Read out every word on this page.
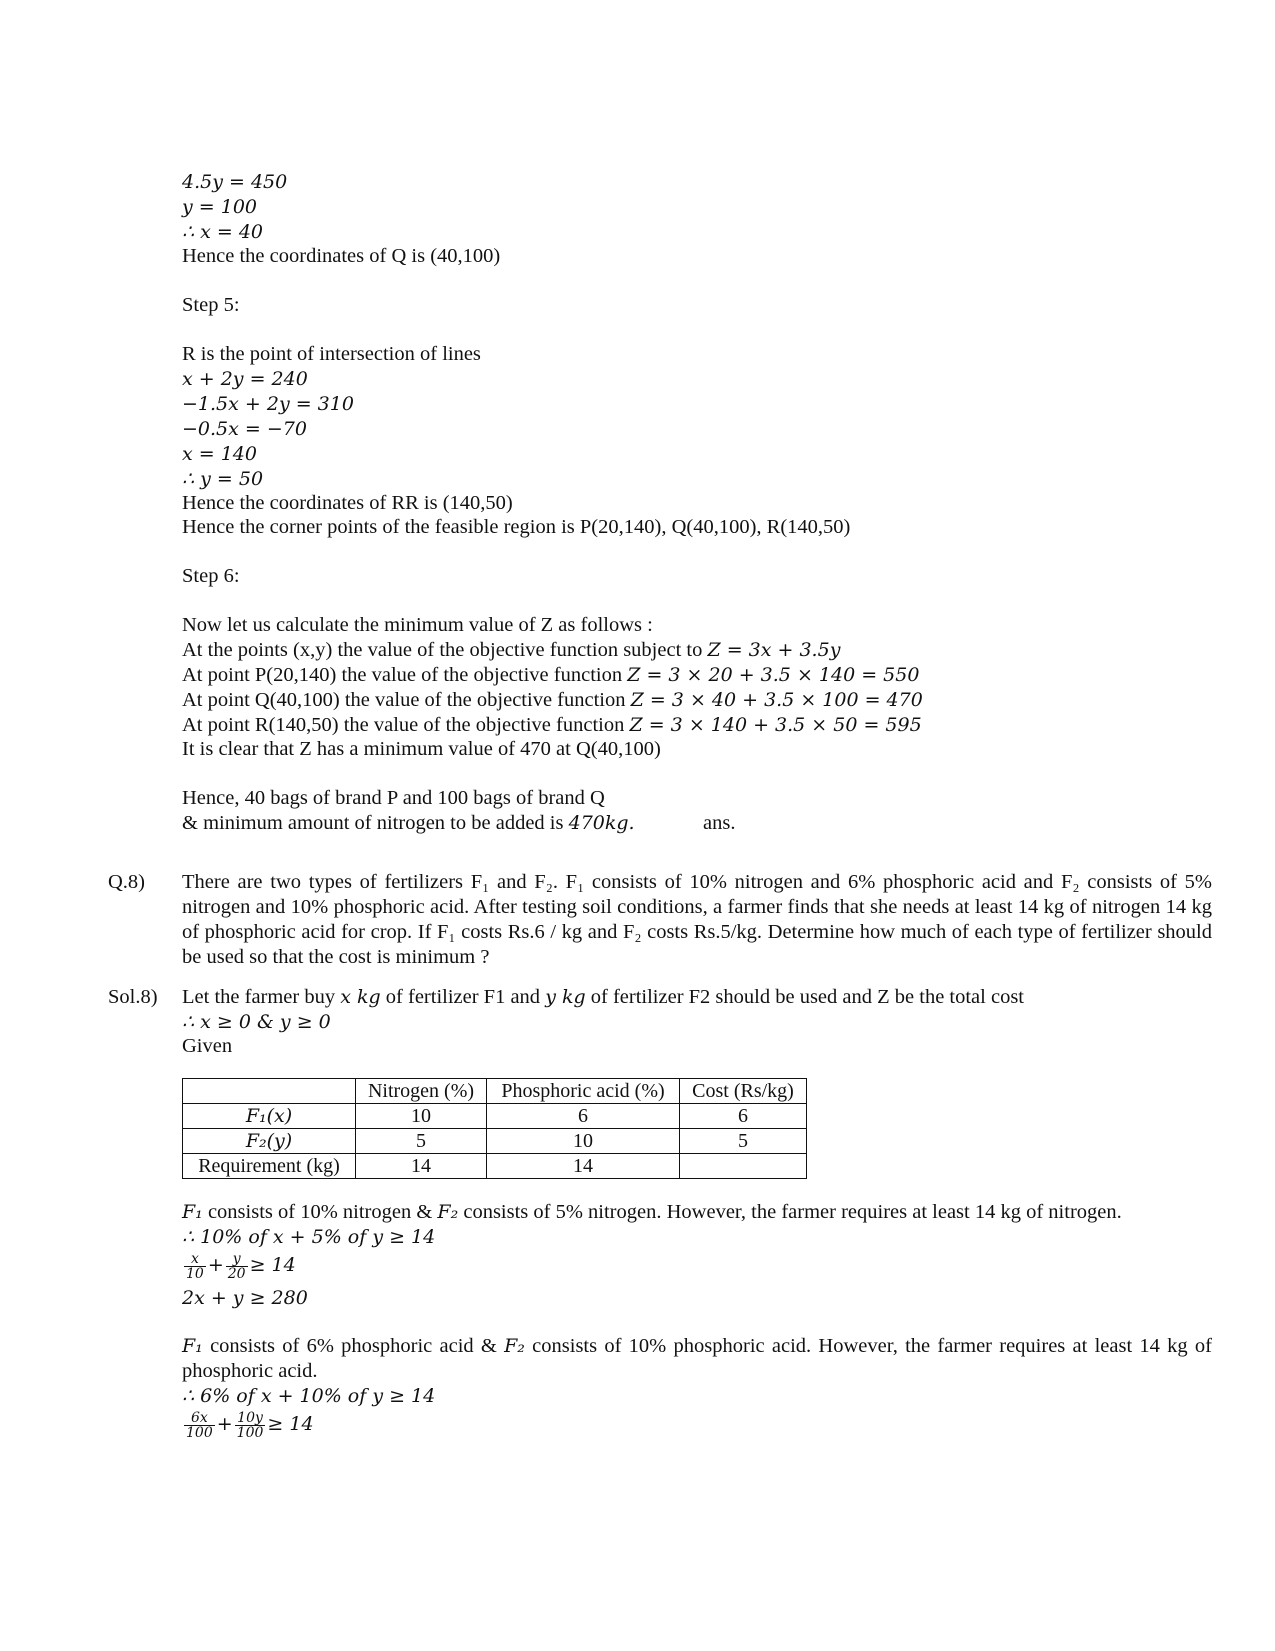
4.5y = 450
y = 100
∴ x = 40
Hence the coordinates of Q is (40,100)
Step 5:
R is the point of intersection of lines
x + 2y = 240
−1.5x + 2y = 310
−0.5x = −70
x = 140
∴ y = 50
Hence the coordinates of RR is (140,50)
Hence the corner points of the feasible region is P(20,140), Q(40,100), R(140,50)
Step 6:
Now let us calculate the minimum value of Z as follows :
At the points (x,y) the value of the objective function subject to Z = 3x + 3.5y
At point P(20,140) the value of the objective function Z = 3 × 20 + 3.5 × 140 = 550
At point Q(40,100) the value of the objective function Z = 3 × 40 + 3.5 × 100 = 470
At point R(140,50) the value of the objective function Z = 3 × 140 + 3.5 × 50 = 595
It is clear that Z has a minimum value of 470 at Q(40,100)
Hence, 40 bags of brand P and 100 bags of brand Q
& minimum amount of nitrogen to be added is 470kg.	ans.
Q.8) There are two types of fertilizers F₁ and F₂. F₁ consists of 10% nitrogen and 6% phosphoric acid and F₂ consists of 5% nitrogen and 10% phosphoric acid. After testing soil conditions, a farmer finds that she needs at least 14 kg of nitrogen 14 kg of phosphoric acid for crop. If F₁ costs Rs.6 / kg and F₂ costs Rs.5/kg. Determine how much of each type of fertilizer should be used so that the cost is minimum ?
Sol.8) Let the farmer buy x kg of fertilizer F1 and y kg of fertilizer F2 should be used and Z be the total cost
∴ x ≥ 0 & y ≥ 0
Given
	Nitrogen (%)	Phosphoric acid (%)	Cost (Rs/kg)
F₁(x)	10	6	6
F₂(y)	5	10	5
Requirement (kg)	14	14	
F₁ consists of 10% nitrogen & F₂ consists of 5% nitrogen. However, the farmer requires at least 14 kg of nitrogen.
∴ 10% of x + 5% of y ≥ 14
$\frac{x}{10} + \frac{y}{20} \ge 14$
2x + y ≥ 280
F₁ consists of 6% phosphoric acid & F₂ consists of 10% phosphoric acid. However, the farmer requires at least 14 kg of phosphoric acid.
∴ 6% of x + 10% of y ≥ 14
$\frac{6x}{100} + \frac{10y}{100} \ge 14$
